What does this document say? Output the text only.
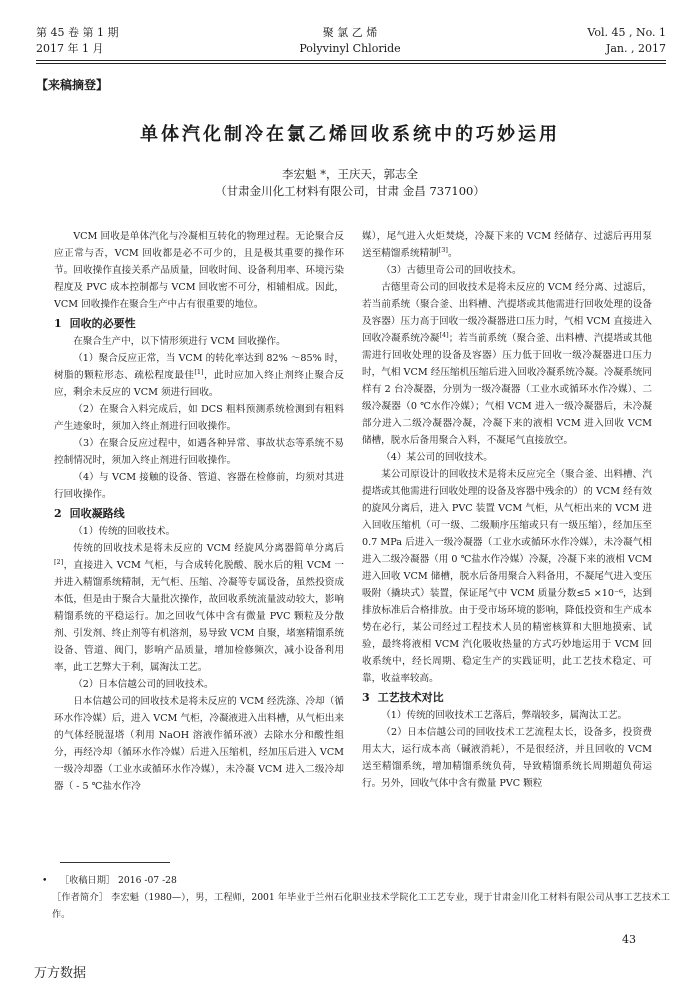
第 45 卷 第 1 期
2017 年 1 月
聚 氯 乙 烯
Polyvinyl Chloride
Vol. 45 , No. 1
Jan. , 2017
【来稿摘登】
单体汽化制冷在氯乙烯回收系统中的巧妙运用
李宏魁 *，王庆天，郭志全
（甘肃金川化工材料有限公司，甘肃 金昌 737100）

VCM 回收是单体汽化与冷凝相互转化的物理过程。无论聚合反应正常与否，VCM 回收都是必不可少的，且是极其重要的操作环节。回收操作直接关系产品质量，回收时间、设备利用率、环境污染程度及 PVC 成本控制都与 VCM 回收密不可分，相辅相成。因此，VCM 回收操作在聚合生产中占有很重要的地位。

1 回收的必要性

在聚合生产中，以下情形须进行 VCM 回收操作。

（1）聚合反应正常，当 VCM 的转化率达到 82% ～85% 时，树脂的颗粒形态、疏松程度最佳[1]，此时应加入终止剂终止聚合反应，剩余未反应的 VCM 须进行回收。

（2）在聚合入料完成后，如 DCS 粗料预测系统检测到有粗料产生迹象时，须加入终止剂进行回收操作。

（3）在聚合反应过程中，如遇各种异常、事故状态等系统不易控制情况时，须加入终止剂进行回收操作。

（4）与 VCM 接触的设备、管道、容器在检修前，均须对其进行回收操作。

2 回收凝路线

（1）传统的回收技术。

传统的回收技术是将未反应的 VCM 经旋风分离器简单分离后[2]，直接进入 VCM 气柜，与合成转化脱酸、脱水后的粗 VCM 一并进入精馏系统精制，无气柜、压缩、冷凝等专属设备，虽然投资成本低，但是由于聚合大量批次操作，故回收系统流量波动较大，影响精馏系统的平稳运行。加之回收气体中含有微量 PVC 颗粒及分散剂、引发剂、终止剂等有机溶剂，易导致 VCM 自聚，堵塞精馏系统设备、管道、阀门，影响产品质量，增加检修频次，减小设备利用率，此工艺弊大于利，属淘汰工艺。

（2）日本信越公司的回收技术。

日本信越公司的回收技术是将未反应的 VCM 经洗涤、冷却（循环水作冷媒）后，进入 VCM 气柜，冷凝液进入出料槽，从气柜出来的气体经脱湿塔（利用 NaOH 溶液作循环液）去除水分和酸性组分，再经冷却（循环水作冷媒）后进入压缩机，经加压后进入 VCM 一级冷却器（工业水或循环水作冷媒），未冷凝 VCM 进入二级冷却器（ - 5 ℃盐水作冷

媒），尾气进入火炬焚烧，冷凝下来的 VCM 经储存、过滤后再用泵送至精馏系统精制[3]。

（3）古德里奇公司的回收技术。

古德里奇公司的回收技术是将未反应的 VCM 经分离、过滤后，若当前系统（聚合釜、出料槽、汽提塔或其他需进行回收处理的设备及容器）压力高于回收一级冷凝器进口压力时，气相 VCM 直接进入回收冷凝系统冷凝[4]；若当前系统（聚合釜、出料槽、汽提塔或其他需进行回收处理的设备及容器）压力低于回收一级冷凝器进口压力时，气相 VCM 经压缩机压缩后进入回收冷凝系统冷凝。冷凝系统同样有 2 台冷凝器，分别为一级冷凝器（工业水或循环水作冷媒）、二级冷凝器（0 ℃水作冷媒）；气相 VCM 进入一级冷凝器后，未冷凝部分进入二级冷凝器冷凝，冷凝下来的液相 VCM 进入回收 VCM 储槽，脱水后备用聚合入料，不凝尾气直接放空。

（4）某公司的回收技术。

某公司原设计的回收技术是将未反应完全（聚合釜、出料槽、汽提塔或其他需进行回收处理的设备及容器中残余的）的 VCM 经有效的旋风分离后，进入 PVC 装置 VCM 气柜，从气柜出来的 VCM 进入回收压缩机（可一级、二级顺序压缩或只有一级压缩），经加压至 0.7 MPa 后进入一级冷凝器（工业水或循环水作冷媒），未冷凝气相进入二级冷凝器（用 0 ℃盐水作冷媒）冷凝，冷凝下来的液相 VCM 进入回收 VCM 储槽，脱水后备用聚合入料备用，不凝尾气进入变压吸附（撬块式）装置，保证尾气中 VCM 质量分数≤5 ×10⁻⁶，达到排放标准后合格排放。由于受市场环境的影响，降低投资和生产成本势在必行，某公司经过工程技术人员的精密核算和大胆地摸索、试验，最终将液相 VCM 汽化吸收热量的方式巧妙地运用于 VCM 回收系统中，经长周期、稳定生产的实践证明，此工艺技术稳定、可靠，收益率较高。

3 工艺技术对比

（1）传统的回收技术工艺落后，弊端较多，属淘汰工艺。

（2）日本信越公司的回收技术工艺流程太长，设备多，投资费用太大，运行成本高（碱液消耗），不是很经济，并且回收的 VCM 送至精馏系统，增加精馏系统负荷，导致精馏系统长周期超负荷运行。另外，回收气体中含有微量 PVC 颗粒

• ［收稿日期］ 2016 -07 -28
［作者简介］ 李宏魁（1980—），男，工程师，2001 年毕业于兰州石化职业技术学院化工工艺专业，现于甘肃金川化工材料有限公司从事工艺技术工作。
43
万方数据
